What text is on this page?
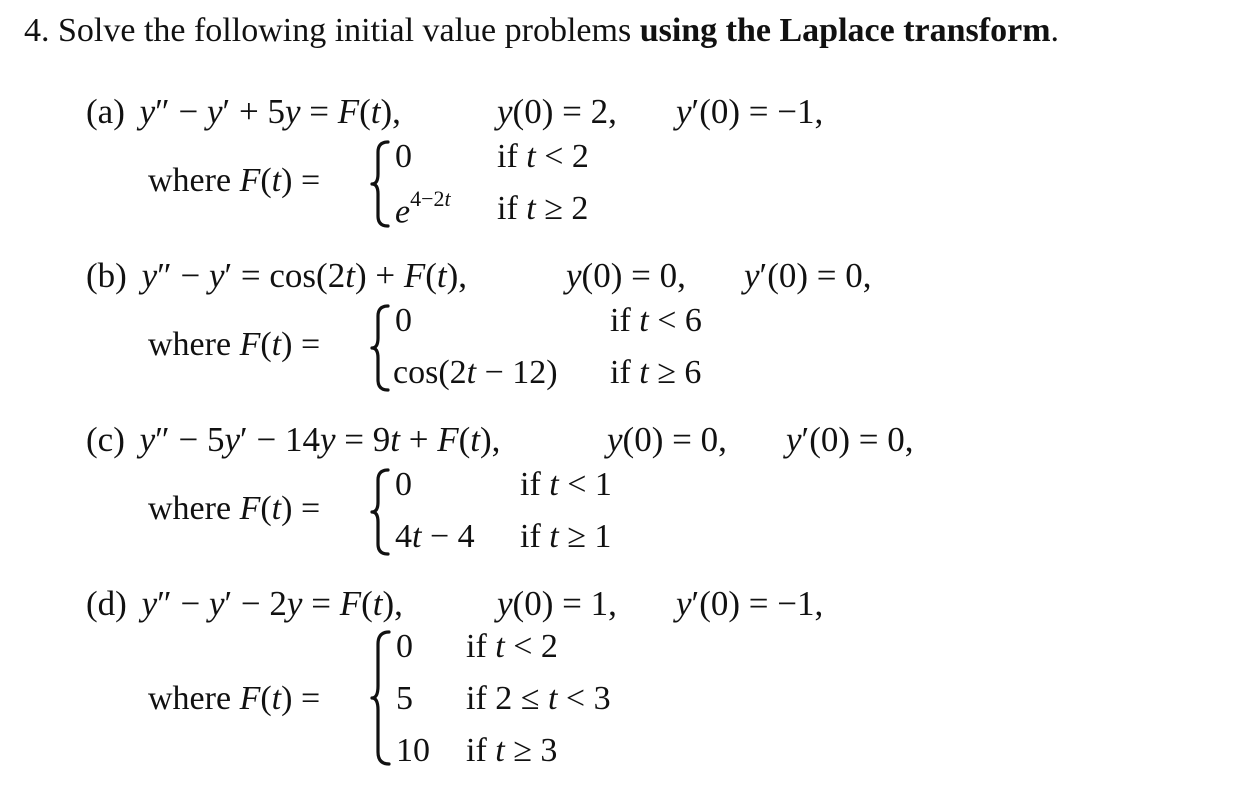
4. Solve the following initial value problems using the Laplace transform.
(a) y″ − y′ + 5y = F(t),	y(0) = 2, y′(0) = −1,
where F(t) =
0	if t < 2
$e^{4-2t}$ if t ≥ 2
(b) y″ − y′ = cos(2t) + F(t),	y(0) = 0, y′(0) = 0,
where F(t) =
0	if t < 6
cos(2t − 12) if t ≥ 6
(c) y″ − 5y′ − 14y = 9t + F(t),	y(0) = 0, y′(0) = 0,
where F(t) =
0	if t < 1
4t − 4 if t ≥ 1
(d) y″ − y′ − 2y = F(t),	y(0) = 1, y′(0) = −1,
where F(t) =
0 if t < 2
5 if 2 ≤ t < 3
10 if t ≥ 3
